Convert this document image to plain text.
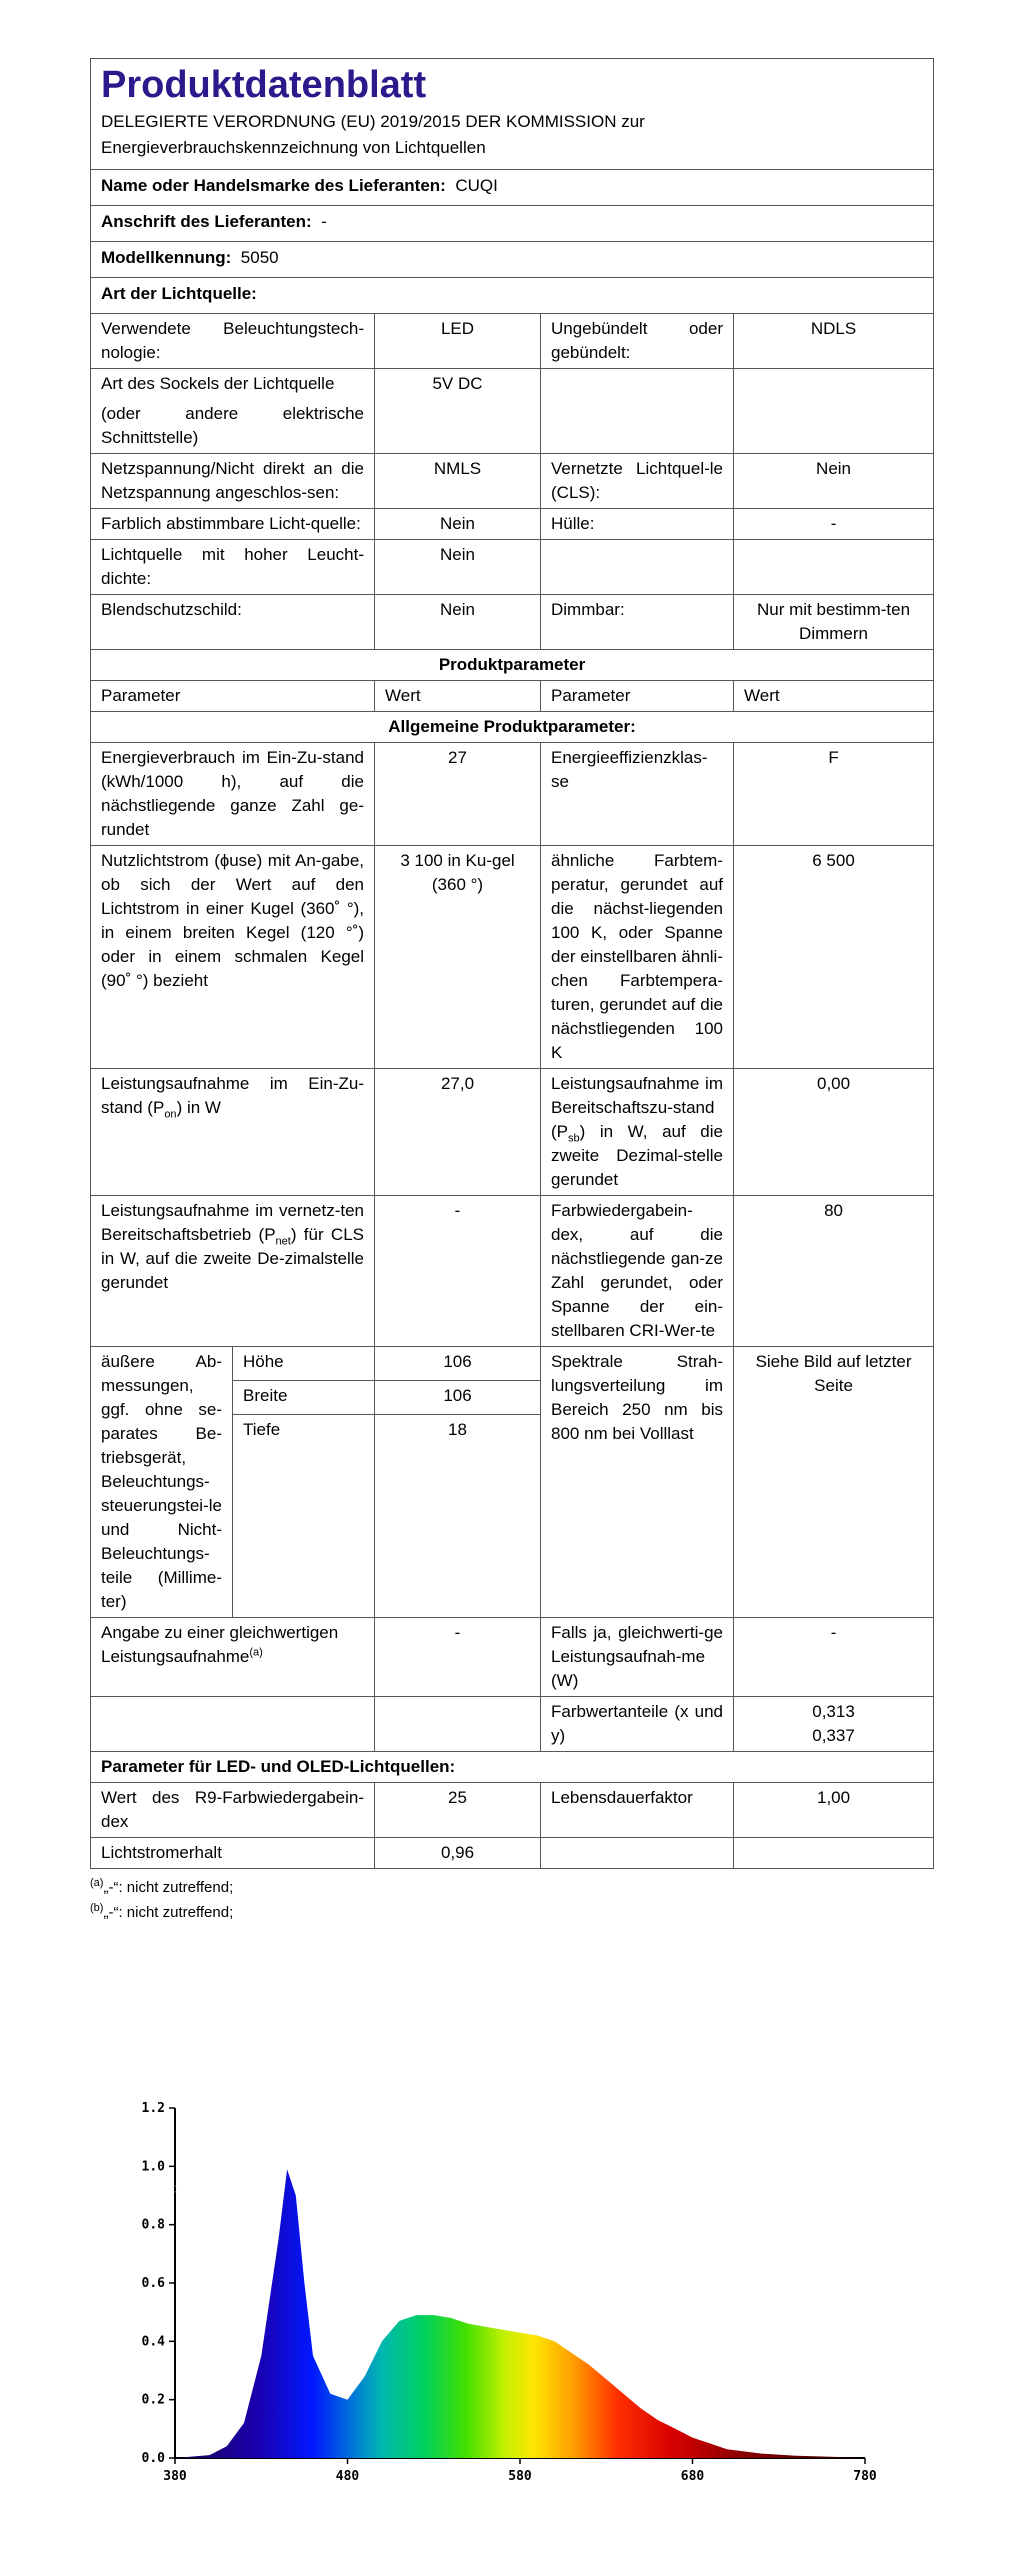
Produktdatenblatt
DELEGIERTE VERORDNUNG (EU) 2019/2015 DER KOMMISSION zur
Energieverbrauchskennzeichnung von Lichtquellen				

Name oder Handelsmarke des Lieferanten: CUQI				
Anschrift des Lieferanten: -				
Modellkennung: 5050				
Art der Lichtquelle:				
Verwendete Beleuchtungstech-nologie:		LED	Ungebündelt oder gebündelt:	NDLS

Art des Sockels der Lichtquelle
(oder andere elektrische Schnittstelle)		5V DC		
Netzspannung/Nicht direkt an die Netzspannung angeschlos-sen:		NMLS	Vernetzte Lichtquel-le (CLS):	Nein
Farblich abstimmbare Licht-quelle:		Nein	Hülle:	-
Lichtquelle mit hoher Leucht-dichte:		Nein		
Blendschutzschild:		Nein	Dimmbar:	Nur mit bestimm-ten Dimmern
Produktparameter				
Parameter		Wert	Parameter	Wert
Allgemeine Produktparameter:				
Energieverbrauch im Ein-Zu-stand (kWh/1000 h), auf die nächstliegende ganze Zahl ge-rundet		27	Energieeffizienzklas-se	F
Nutzlichtstrom (ɸuse) mit An-gabe, ob sich der Wert auf den Lichtstrom in einer Kugel (360˚ °), in einem breiten Kegel (120 °˚) oder in einem schmalen Kegel (90˚ °) bezieht		3 100 in Ku-gel (360 °)	ähnliche Farbtem-peratur, gerundet auf die nächst-liegenden 100 K, oder Spanne der einstellbaren ähnli-chen Farbtempera-turen, gerundet auf die nächstliegenden 100 K	6 500
Leistungsaufnahme im Ein-Zu-stand $(P_{on})$ in W		27,0	Leistungsaufnahme im Bereitschaftszu-stand $(P_{sb})$ in W, auf die zweite Dezimal-stelle gerundet	0,00
Leistungsaufnahme im vernetz-ten Bereitschaftsbetrieb $(P_{net})$ für CLS in W, auf die zweite De-zimalstelle gerundet		-	Farbwiedergabein-dex, auf die nächstliegende gan-ze Zahl gerundet, oder Spanne der ein-stellbaren CRI-Wer-te	80
äußere Ab-messungen, ggf. ohne se-parates Be-triebsgerät, Beleuchtungs-steuerungstei-le und Nicht-Beleuchtungs-teile (Millime-ter)	Höhe	106	Spektrale Strah-lungsverteilung im Bereich 250 nm bis 800 nm bei Volllast	Siehe Bild auf letzter Seite
	Breite	106		
	Tiefe	18		
Angabe zu einer gleichwertigen Leistungsaufnahme$^{(a)}$		-	Falls ja, gleichwerti-ge Leistungsaufnah-me (W)	-
			Farbwertanteile (x und y)	0,313
0,337

Parameter für LED- und OLED-Lichtquellen:				
Wert des R9-Farbwiedergabein-dex		25	Lebensdauerfaktor	1,00
Lichtstromerhalt		0,96		
$^{(a)}$„-“: nicht zutreffend;
$^{(b)}$„-“: nicht zutreffend;
380	480	580	680	780
0.0
0.2
0.4
0.6
0.8
1.0
1.2
◌
